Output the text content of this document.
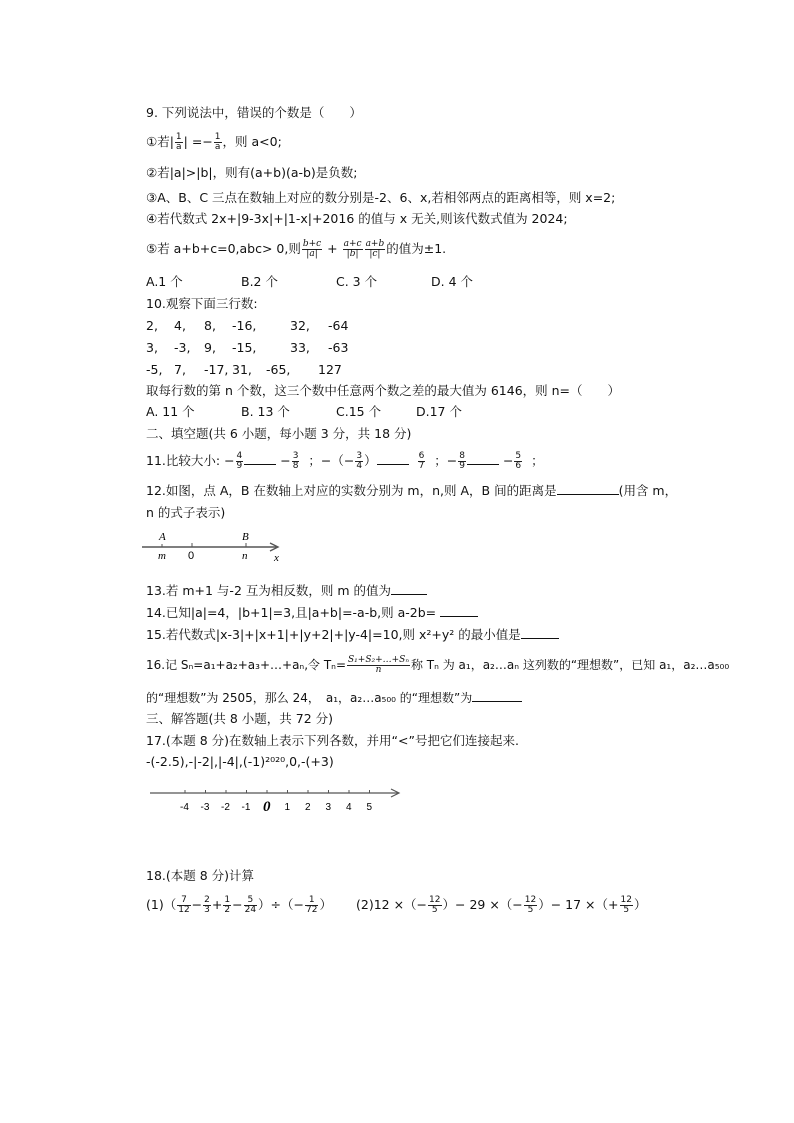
9. 下列说法中，错误的个数是（　　）
①若| $\frac{1}{a}$ | =− $\frac{1}{a}$ ，则 a<0;
②若|a|>|b|，则有(a+b)(a-b)是负数;
③A、B、C 三点在数轴上对应的数分别是-2、6、x,若相邻两点的距离相等，则 x=2;
④若代数式 2x+|9-3x|+|1-x|+2016 的值与 x 无关,则该代数式值为 2024;
⑤若 a+b+c=0,abc> 0,则 $\frac{b+c}{|a|} + \frac{a+c}{|b|} \frac{a+b}{|c|}$ 的值为±1.
A.1 个	B.2 个	C. 3 个	D. 4 个
10.观察下面三行数:
2, 4, 8, -16,	32, -64
3, -3, 9, -15,	33, -63
-5, 7, -17, 31, -65, 127
取每行数的第 n 个数，这三个数中任意两个数之差的最大值为 6146，则 n=（　　）
A. 11 个	B. 13 个	C.15 个	D.17 个
二、填空题(共 6 小题，每小题 3 分，共 18 分)
11.比较大小: − $\frac{4}{9}$	− $\frac{3}{8}$ ；−（− $\frac{3}{4}$ ）	$\frac{6}{7}$ ；− $\frac{8}{9}$	− $\frac{5}{6}$ ；
12.如图，点 A，B 在数轴上对应的实数分别为 m，n,则 A，B 间的距离是	(用含 m，
n 的式子表示)
A
m 0
B
n x
13.若 m+1 与-2 互为相反数，则 m 的值为
14.已知|a|=4，|b+1|=3,且|a+b|=-a-b,则 a-2b=
15.若代数式|x-3|+|x+1|+|y+2|+|y-4|=10,则 x²+y² 的最小值是
16.记 Sₙ=a₁+a₂+a₃+…+aₙ,令 $T_n= \frac{\text{S₁+S₂+…+Sₙ}}{n}$ 称 Tₙ 为 a₁，a₂…aₙ 这列数的“理想数”，已知 a₁，a₂…a₅₀₀
的“理想数”为 2505，那么 24，　a₁，a₂…a₅₀₀ 的“理想数”为
三、解答题(共 8 小题，共 72 分)
17.(本题 8 分)在数轴上表示下列各数，并用“<”号把它们连接起来.
-(-2.5),-|-2|,|-4|,(-1)²⁰²⁰,0,-(+3)
-4 -3 -2 -1 0 1 2 3 4 5
18.(本题 8 分)计算
$(1)( \frac{7}{12} - \frac{2}{3} + \frac{1}{2} - \frac{5}{24}$ ）÷（− $\frac{1}{72}$ ） (2)12 ×（− $\frac{12}{5}$ ）− 29 ×（− $\frac{12}{5}$ ）− 17 ×（+ $\frac{12}{5}$ ）
